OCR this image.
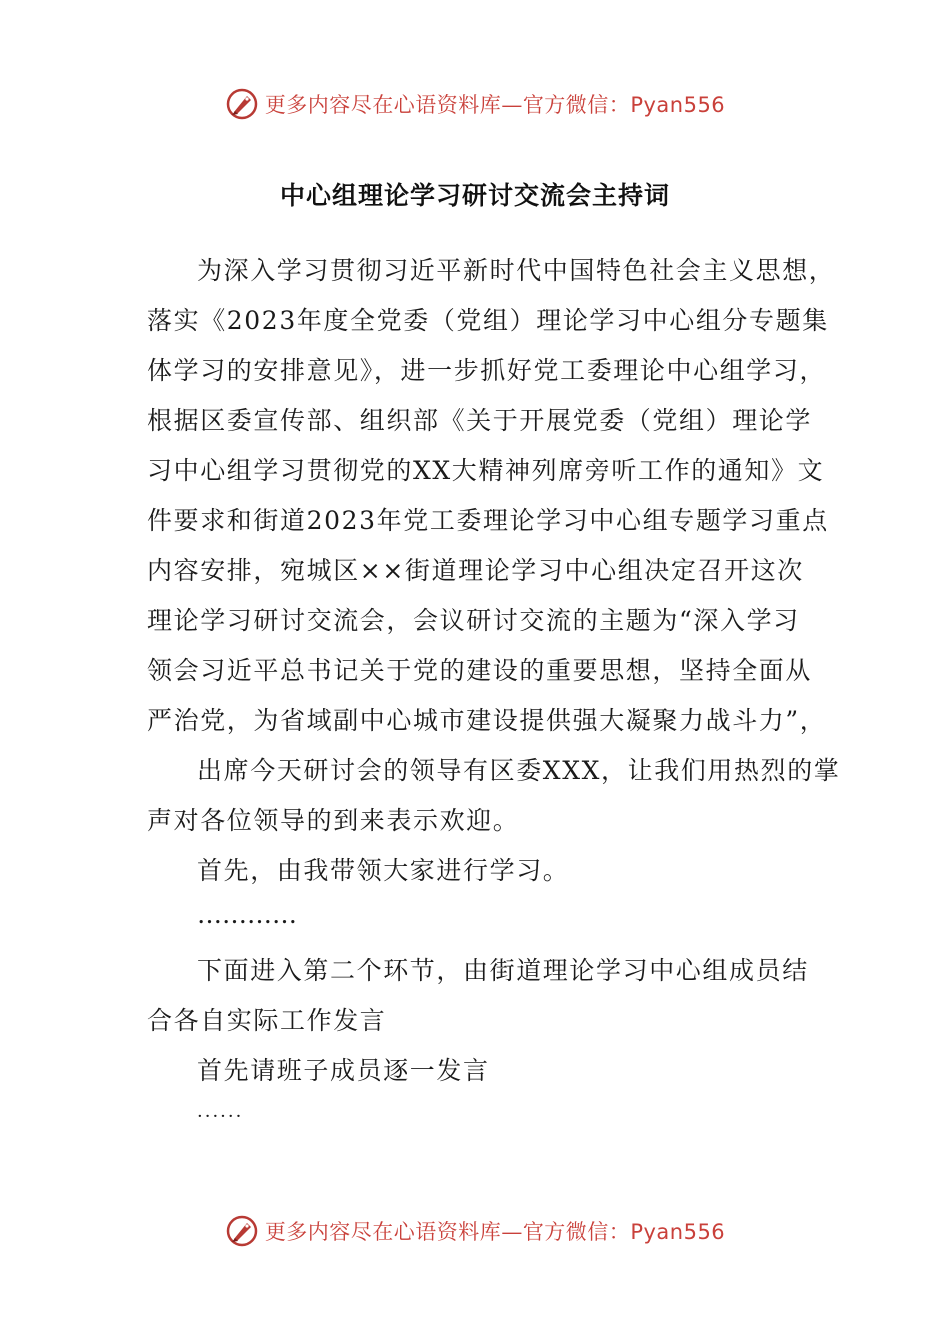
更多内容尽在心语资料库—官方微信：Pyan556
中心组理论学习研讨交流会主持词
为深入学习贯彻习近平新时代中国特色社会主义思想，
落实《2023年度全党委（党组）理论学习中心组分专题集
体学习的安排意见》，进一步抓好党工委理论中心组学习，
根据区委宣传部、组织部《关于开展党委（党组）理论学
习中心组学习贯彻党的XX大精神列席旁听工作的通知》文
件要求和街道2023年党工委理论学习中心组专题学习重点
内容安排，宛城区××街道理论学习中心组决定召开这次
理论学习研讨交流会，会议研讨交流的主题为“深入学习
领会习近平总书记关于党的建设的重要思想，坚持全面从
严治党，为省域副中心城市建设提供强大凝聚力战斗力”，
出席今天研讨会的领导有区委XXX，让我们用热烈的掌
声对各位领导的到来表示欢迎。
首先，由我带领大家进行学习。
…………
下面进入第二个环节，由街道理论学习中心组成员结
合各自实际工作发言
首先请班子成员逐一发言
······
更多内容尽在心语资料库—官方微信：Pyan556
